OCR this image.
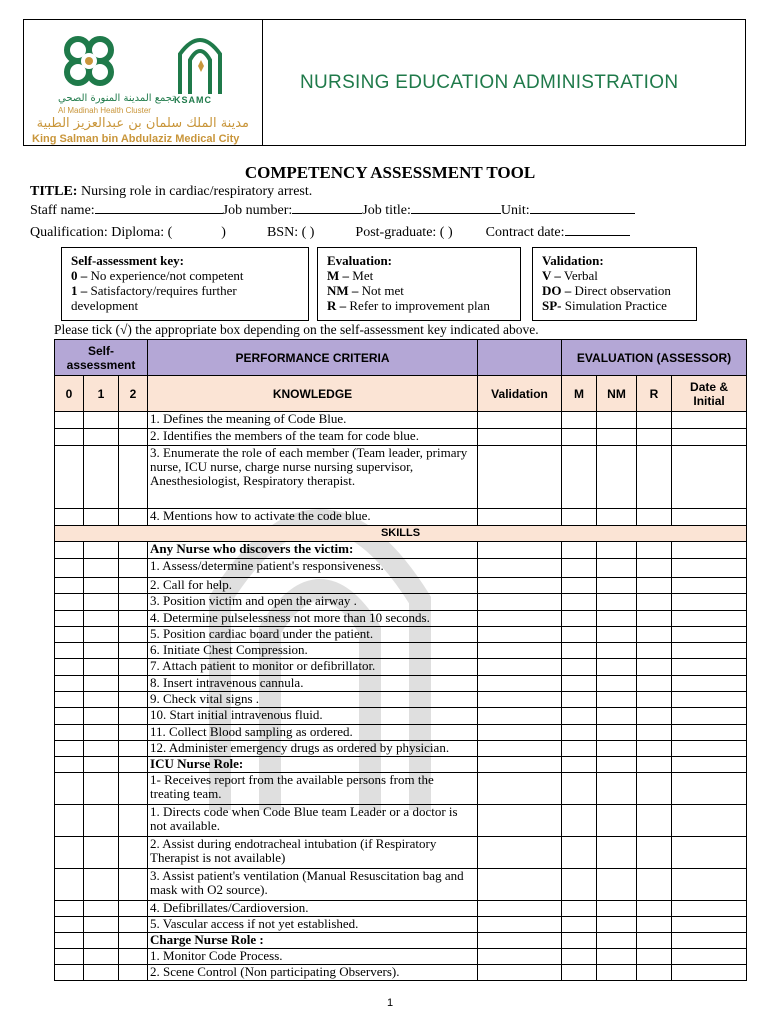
تجمع المدينة المنورة الصحي
Al Madinah Health Cluster
KSAMC
مدينة الملك سلمان بن عبدالعزيز الطبية
King Salman bin Abdulaziz Medical City
NURSING EDUCATION ADMINISTRATION
COMPETENCY ASSESSMENT TOOL
TITLE: Nursing role in cardiac/respiratory arrest.
Staff name:	Job number:	Job title:	Unit:
Qualification: Diploma: (	)	BSN: ( )	Post-graduate: ( ) Contract date:
Self-assessment key:
0 – No experience/not competent
1 – Satisfactory/requires further
development
Evaluation:
M – Met
NM – Not met
R – Refer to improvement plan
Validation:
V – Verbal
DO – Direct observation
SP- Simulation Practice
Please tick (√) the appropriate box depending on the self-assessment key indicated above.
Self-assessment			PERFORMANCE CRITERIA		EVALUATION (ASSESSOR)			
0	1	2	KNOWLEDGE	Validation	M	NM	R	Date & Initial
			1. Defines the meaning of Code Blue.					
			2. Identifies the members of the team for code blue.					
			3. Enumerate the role of each member (Team leader, primary nurse, ICU nurse, charge nurse nursing supervisor, Anesthesiologist, Respiratory therapist.					
			4. Mentions how to activate the code blue.					
SKILLS								
			Any Nurse who discovers the victim:					
			1. Assess/determine patient's responsiveness.					
			2. Call for help.					
			3. Position victim and open the airway .					
			4. Determine pulselessness not more than 10 seconds.					
			5. Position cardiac board under the patient.					
			6. Initiate Chest Compression.					
			7. Attach patient to monitor or defibrillator.					
			8. Insert intravenous cannula.					
			9. Check vital signs .					
			10. Start initial intravenous fluid.					
			11. Collect Blood sampling as ordered.					
			12. Administer emergency drugs as ordered by physician.					
			ICU Nurse Role:					
			1- Receives report from the available persons from the treating team.					
			1. Directs code when Code Blue team Leader or a doctor is not available.					
			2. Assist during endotracheal intubation (if Respiratory Therapist is not available)					
			3. Assist patient's ventilation (Manual Resuscitation bag and mask with O2 source).					
			4. Defibrillates/Cardioversion.					
			5. Vascular access if not yet established.					
			Charge Nurse Role :					
			1. Monitor Code Process.					
			2. Scene Control (Non participating Observers).					
1
